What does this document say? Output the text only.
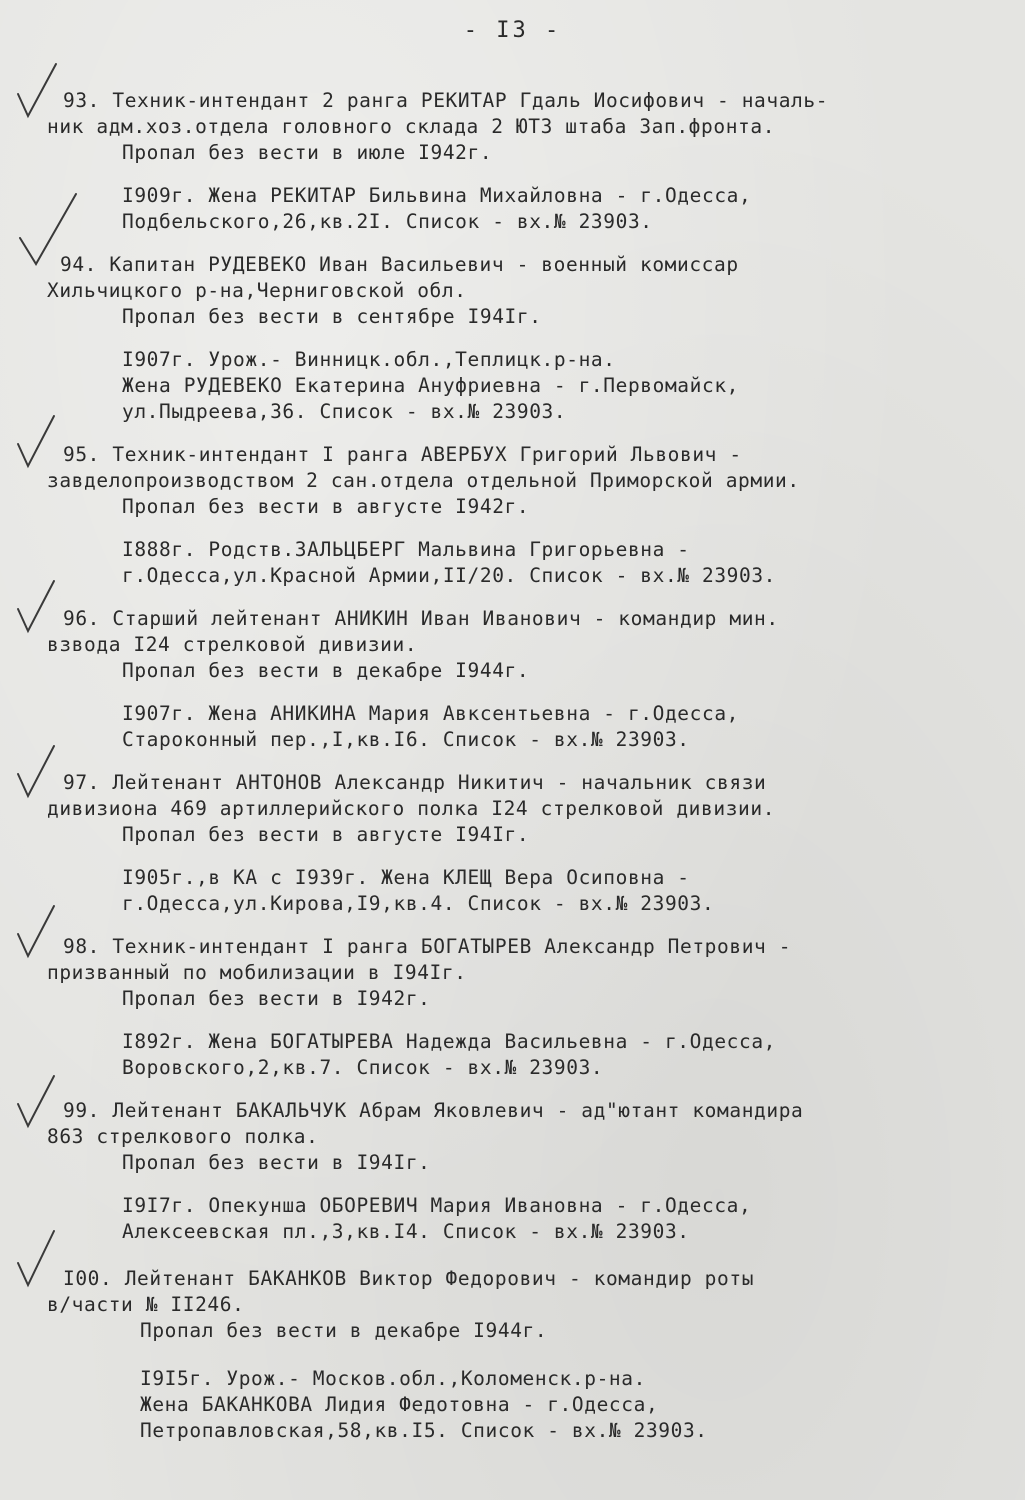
- I3 -
93. Техник-интендант 2 ранга РЕКИТАР Гдаль Иосифович - началь-
ник адм.хоз.отдела головного склада 2 ЮТЗ штаба Зап.фронта.
Пропал без вести в июле I942г.
I909г. Жена РЕКИТАР Бильвина Михайловна - г.Одесса,
Подбельского,26,кв.2I. Список - вх.№ 23903.
94. Капитан РУДЕВЕКО Иван Васильевич - военный комиссар
Хильчицкого р-на,Черниговской обл.
Пропал без вести в сентябре I94Iг.
I907г. Урож.- Винницк.обл.,Теплицк.р-на.
Жена РУДЕВЕКО Екатерина Ануфриевна - г.Первомайск,
ул.Пыдреева,36. Список - вх.№ 23903.
95. Техник-интендант I ранга АВЕРБУХ Григорий Львович -
завделопроизводством 2 сан.отдела отдельной Приморской армии.
Пропал без вести в августе I942г.
I888г. Родств.ЗАЛЬЦБЕРГ Мальвина Григорьевна -
г.Одесса,ул.Красной Армии,II/20. Список - вх.№ 23903.
96. Старший лейтенант АНИКИН Иван Иванович - командир мин.
взвода I24 стрелковой дивизии.
Пропал без вести в декабре I944г.
I907г. Жена АНИКИНА Мария Авксентьевна - г.Одесса,
Староконный пер.,I,кв.I6. Список - вх.№ 23903.
97. Лейтенант АНТОНОВ Александр Никитич - начальник связи
дивизиона 469 артиллерийского полка I24 стрелковой дивизии.
Пропал без вести в августе I94Iг.
I905г.,в КА с I939г. Жена КЛЕЩ Вера Осиповна -
г.Одесса,ул.Кирова,I9,кв.4. Список - вх.№ 23903.
98. Техник-интендант I ранга БОГАТЫРЕВ Александр Петрович -
призванный по мобилизации в I94Iг.
Пропал без вести в I942г.
I892г. Жена БОГАТЫРЕВА Надежда Васильевна - г.Одесса,
Воровского,2,кв.7. Список - вх.№ 23903.
99. Лейтенант БАКАЛЬЧУК Абрам Яковлевич - ад"ютант командира
863 стрелкового полка.
Пропал без вести в I94Iг.
I9I7г. Опекунша ОБОРЕВИЧ Мария Ивановна - г.Одесса,
Алексеевская пл.,3,кв.I4. Список - вх.№ 23903.
I00. Лейтенант БАКАНКОВ Виктор Федорович - командир роты
в/части № II246.
Пропал без вести в декабре I944г.
I9I5г. Урож.- Москов.обл.,Коломенск.р-на.
Жена БАКАНКОВА Лидия Федотовна - г.Одесса,
Петропавловская,58,кв.I5. Список - вх.№ 23903.
